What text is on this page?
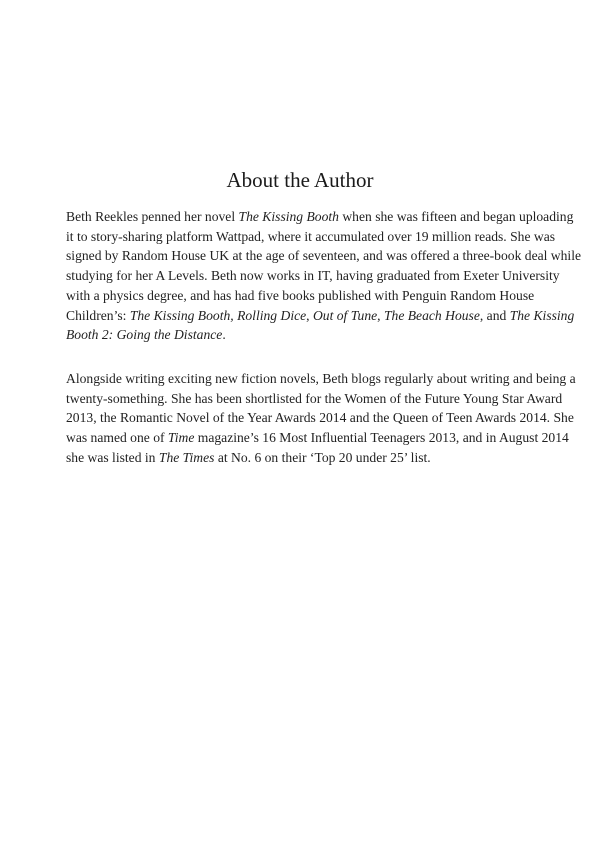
About the Author
Beth Reekles penned her novel The Kissing Booth when she was fifteen and began uploading
it to story-sharing platform Wattpad, where it accumulated over 19 million reads. She was
signed by Random House UK at the age of seventeen, and was offered a three-book deal while
studying for her A Levels. Beth now works in IT, having graduated from Exeter University
with a physics degree, and has had five books published with Penguin Random House
Children’s: The Kissing Booth, Rolling Dice, Out of Tune, The Beach House, and The Kissing
Booth 2: Going the Distance.
Alongside writing exciting new fiction novels, Beth blogs regularly about writing and being a
twenty-something. She has been shortlisted for the Women of the Future Young Star Award
2013, the Romantic Novel of the Year Awards 2014 and the Queen of Teen Awards 2014. She
was named one of Time magazine’s 16 Most Influential Teenagers 2013, and in August 2014
she was listed in The Times at No. 6 on their ‘Top 20 under 25’ list.
